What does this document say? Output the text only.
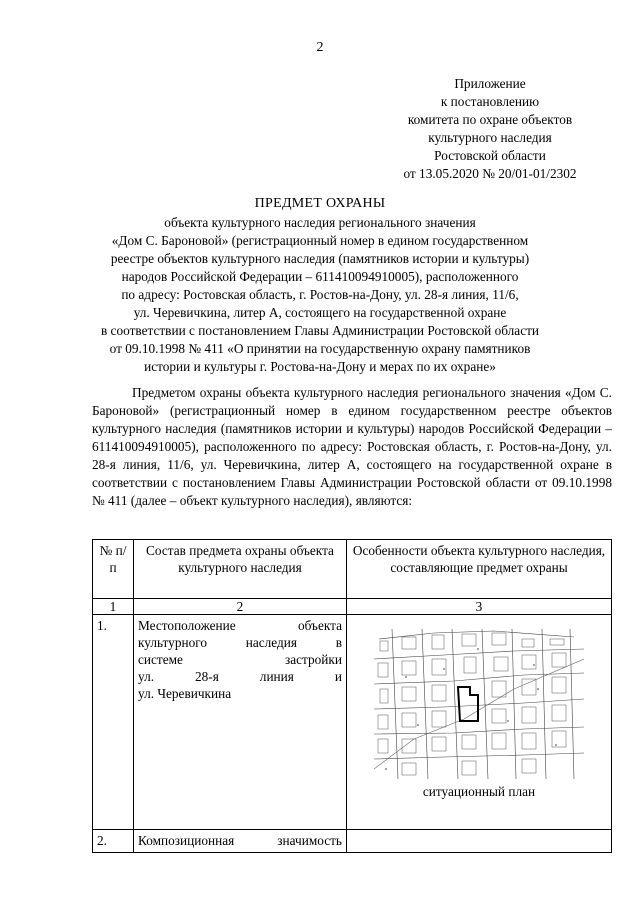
2
Приложение
к постановлению
комитета по охране объектов
культурного наследия
Ростовской области
от 13.05.2020 № 20/01-01/2302
ПРЕДМЕТ ОХРАНЫ
объекта культурного наследия регионального значения
«Дом С. Бароновой» (регистрационный номер в едином государственном
реестре объектов культурного наследия (памятников истории и культуры)
народов Российской Федерации – 611410094910005), расположенного
по адресу: Ростовская область, г. Ростов-на-Дону, ул. 28-я линия, 11/6,
ул. Черевичкина, литер А, состоящего на государственной охране
в соответствии с постановлением Главы Администрации Ростовской области
от 09.10.1998 № 411 «О принятии на государственную охрану памятников
истории и культуры г. Ростова-на-Дону и мерах по их охране»
Предметом охраны объекта культурного наследия регионального значения «Дом С. Бароновой» (регистрационный номер в едином государственном реестре объектов культурного наследия (памятников истории и культуры) народов Российской Федерации – 611410094910005), расположенного по адресу: Ростовская область, г. Ростов-на-Дону, ул. 28-я линия, 11/6, ул. Черевичкина, литер А, состоящего на государственной охране в соответствии с постановлением Главы Администрации Ростовской области от 09.10.1998 № 411 (далее – объект культурного наследия), являются:
№ п/п	Состав предмета охраны объекта культурного наследия	Особенности объекта культурного наследия, составляющие предмет охраны
1	2	3
1.	Местоположение объекта
культурного наследия в
системе застройки
ул. 28-я линия и
ул. Черевичкина	ситуационный план

2.	Композиционная значимость	
